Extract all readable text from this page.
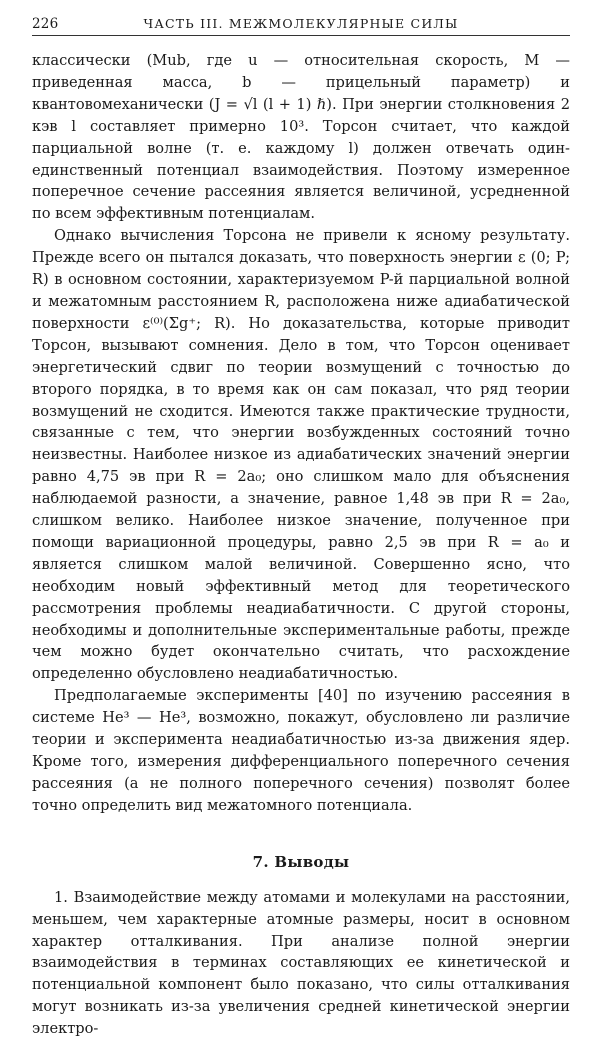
226	ЧАСТЬ III. МЕЖМОЛЕКУЛЯРНЫЕ СИЛЫ

классически (Mub, где u — относительная скорость, M — приведенная масса, b — прицельный параметр) и квантовомеханически (J = √l (l + 1) ℏ). При энергии столкновения 2 кэв l составляет примерно 10³. Торсон считает, что каждой парциальной волне (т. е. каждому l) должен отвечать один-единственный потенциал взаимодействия. Поэтому измеренное поперечное сечение рассеяния является величиной, усредненной по всем эффективным потенциалам.

Однако вычисления Торсона не привели к ясному результату. Прежде всего он пытался доказать, что поверхность энергии ε (0; P; R) в основном состоянии, характеризуемом P-й парциальной волной и межатомным расстоянием R, расположена ниже адиабатической поверхности ε⁽⁰⁾(Σg⁺; R). Но доказательства, которые приводит Торсон, вызывают сомнения. Дело в том, что Торсон оценивает энергетический сдвиг по теории возмущений с точностью до второго порядка, в то время как он сам показал, что ряд теории возмущений не сходится. Имеются также практические трудности, связанные с тем, что энергии возбужденных состояний точно неизвестны. Наиболее низкое из адиабатических значений энергии равно 4,75 эв при R = 2a₀; оно слишком мало для объяснения наблюдаемой разности, а значение, равное 1,48 эв при R = 2a₀, слишком велико. Наиболее низкое значение, полученное при помощи вариационной процедуры, равно 2,5 эв при R = a₀ и является слишком малой величиной. Совершенно ясно, что необходим новый эффективный метод для теоретического рассмотрения проблемы неадиабатичности. С другой стороны, необходимы и дополнительные экспериментальные работы, прежде чем можно будет окончательно считать, что расхождение определенно обусловлено неадиабатичностью.

Предполагаемые эксперименты [40] по изучению рассеяния в системе He³ — He³, возможно, покажут, обусловлено ли различие теории и эксперимента неадиабатичностью из-за движения ядер. Кроме того, измерения дифференциального поперечного сечения рассеяния (а не полного поперечного сечения) позволят более точно определить вид межатомного потенциала.

7. Выводы

1. Взаимодействие между атомами и молекулами на расстоянии, меньшем, чем характерные атомные размеры, носит в основном характер отталкивания. При анализе полной энергии взаимодействия в терминах составляющих ее кинетической и потенциальной компонент было показано, что силы отталкивания могут возникать из-за увеличения средней кинетической энергии электро-
